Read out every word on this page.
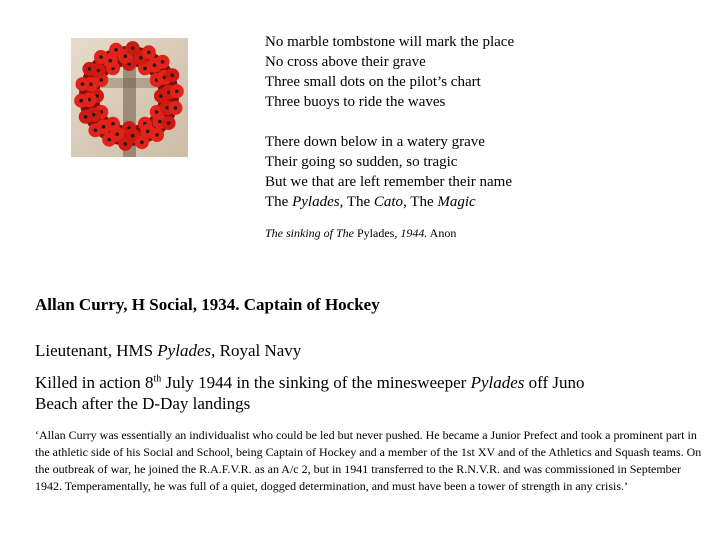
No marble tombstone will mark the place
No cross above their grave
Three small dots on the pilot’s chart
Three buoys to ride the waves
There down below in a watery grave
Their going so sudden, so tragic
But we that are left remember their name
The Pylades, The Cato, The Magic
The sinking of The Pylades, 1944. Anon
Allan Curry, H Social, 1934. Captain of Hockey
Lieutenant, HMS Pylades, Royal Navy
Killed in action 8th July 1944 in the sinking of the minesweeper Pylades off Juno
Beach after the D-Day landings
‘Allan Curry was essentially an individualist who could be led but never pushed. He became a Junior Prefect and took a prominent part in the athletic side of his Social and School, being Captain of Hockey and a member of the 1st XV and of the Athletics and Squash teams. On the outbreak of war, he joined the R.A.F.V.R. as an A/c 2, but in 1941 transferred to the R.N.V.R. and was commissioned in September 1942. Temperamentally, he was full of a quiet, dogged determination, and must have been a tower of strength in any crisis.’
